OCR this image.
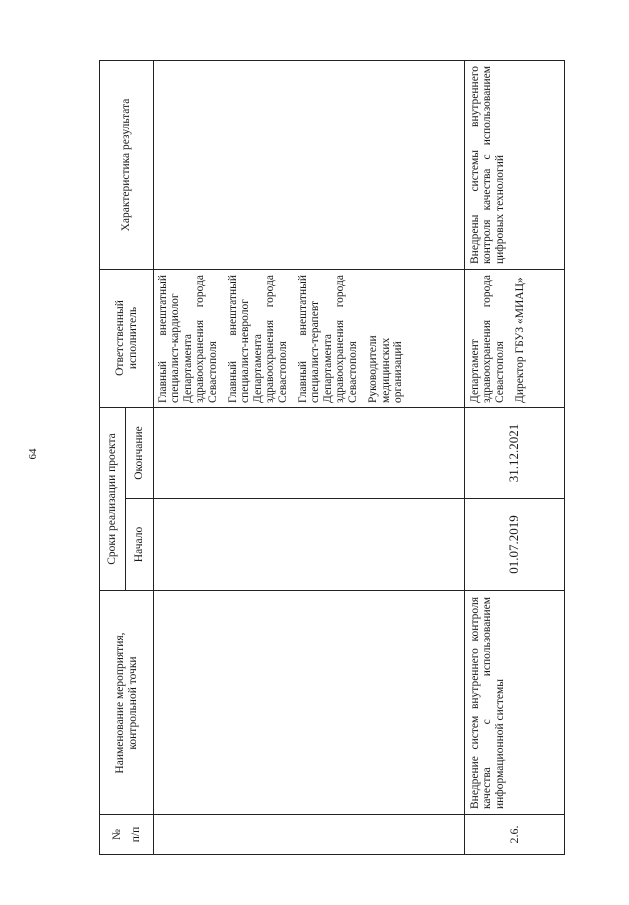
64
№ п/п
Наименование мероприятия, контрольной точки
Сроки реализации проекта Начало
Окончание
Ответственный исполнитель
Характеристика результата
Главный внештатный специалист-кардиолог Департамента здравоохранения города Севастополя Главный внештатный специалист-невролог Департамента здравоохранения города Севастополя Главный внештатный специалист-терапевт Департамента здравоохранения города Севастополя Руководители медицинских организаций
2.6.
Внедрение систем внутреннего контроля качества с использованием информационной системы
01.07.2019
31.12.2021
Департамент здравоохранения города Севастополя Директор ГБУЗ «МИАЦ»
Внедрены системы внутреннего контроля качества с использованием цифровых технологий
